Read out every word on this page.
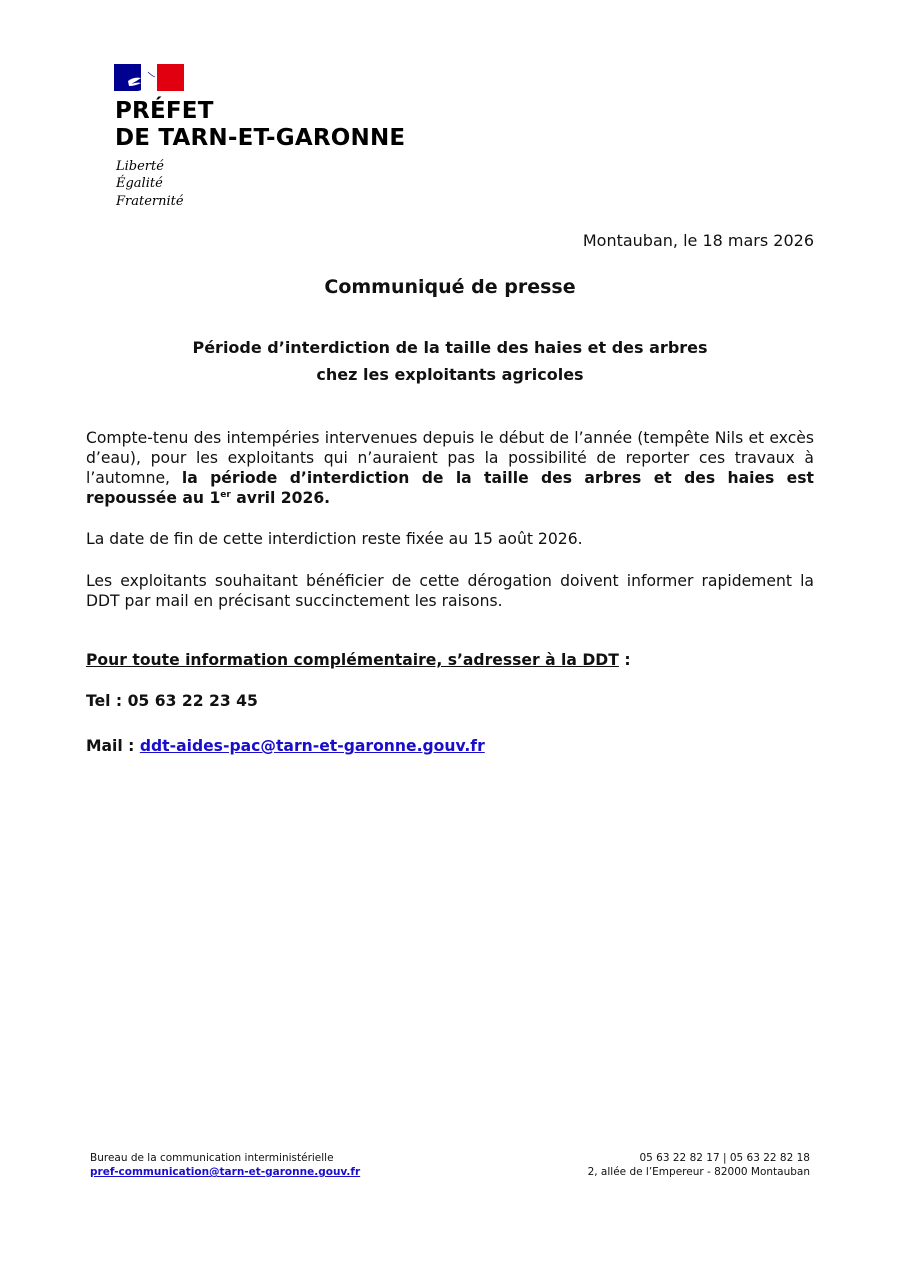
PRÉFET
DE TARN-ET-GARONNE
Liberté
Égalité
Fraternité
Montauban, le 18 mars 2026
Communiqué de presse
Période d’interdiction de la taille des haies et des arbres
chez les exploitants agricoles

Compte-tenu des intempéries intervenues depuis le début de l’année (tempête Nils et excès d’eau), pour les exploitants qui n’auraient pas la possibilité de reporter ces travaux à l’automne, la période d’interdiction de la taille des arbres et des haies est repoussée au 1er avril 2026.

La date de fin de cette interdiction reste fixée au 15 août 2026.

Les exploitants souhaitant bénéficier de cette dérogation doivent informer rapidement la DDT par mail en précisant succinctement les raisons.

Pour toute information complémentaire, s’adresser à la DDT :
Tel : 05 63 22 23 45
Mail : ddt-aides-pac@tarn-et-garonne.gouv.fr
Bureau de la communication interministérielle
pref-communication@tarn-et-garonne.gouv.fr
05 63 22 82 17 | 05 63 22 82 18
2, allée de l’Empereur - 82000 Montauban
